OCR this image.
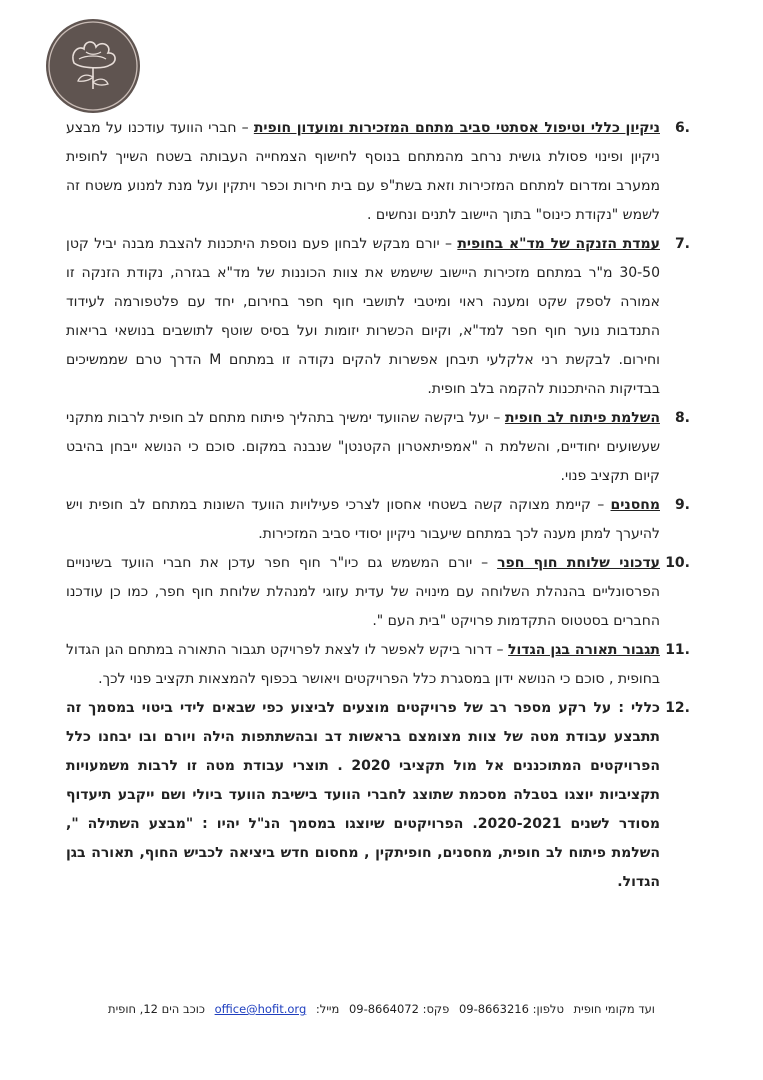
6.
ניקיון כללי וטיפול אסתטי סביב מתחם המזכירות ומועדון חופית – חברי הוועד עודכנו על מבצע ניקיון ופינוי פסולת גושית נרחב מהמתחם בנוסף לחישוף הצמחייה העבותה בשטח השייך לחופית ממערב ומדרום למתחם המזכירות וזאת בשת"פ עם בית חירות וכפר ויתקין ועל מנת למנוע משטח זה לשמש "נקודת כינוס" בתוך היישוב לתנים ונחשים .
7.
עמדת הזנקה של מד"א בחופית – יורם מבקש לבחון פעם נוספת היתכנות להצבת מבנה יביל קטן 30-50 מ"ר במתחם מזכירות היישוב שישמש את צוות הכוננות של מד"א בגזרה, נקודת הזנקה זו אמורה לספק שקט ומענה ראוי ומיטבי לתושבי חוף חפר בחירום, יחד עם פלטפורמה לעידוד התנדבות נוער חוף חפר למד"א, וקיום הכשרות יזומות ועל בסיס שוטף לתושבים בנושאי בריאות וחירום. לבקשת רני אלקלעי תיבחן אפשרות להקים נקודה זו במתחם M הדרך טרם שממשיכים בבדיקות ההיתכנות להקמה בלב חופית.
8.
השלמת פיתוח לב חופית – יעל ביקשה שהוועד ימשיך בתהליך פיתוח מתחם לב חופית לרבות מתקני שעשועים יחודיים, והשלמת ה "אמפיתאטרון הקטנטן" שנבנה במקום. סוכם כי הנושא ייבחן בהיבט קיום תקציב פנוי.
9.
מחסנים – קיימת מצוקה קשה בשטחי אחסון לצרכי פעילויות הוועד השונות במתחם לב חופית ויש להיערך למתן מענה לכך במתחם שיעבור ניקיון יסודי סביב המזכירות.
10.
עדכוני שלוחת חוף חפר – יורם המשמש גם כיו"ר חוף חפר עדכן את חברי הוועד בשינויים הפרסונליים בהנהלת השלוחה עם מינויה של עדית עזוגי למנהלת שלוחת חוף חפר, כמו כן עודכנו החברים בסטטוס התקדמות פרויקט "בית העם ".
11.
תגבור תאורה בגן הגדול – דרור ביקש לאפשר לו לצאת לפרויקט תגבור התאורה במתחם הגן הגדול בחופית , סוכם כי הנושא ידון במסגרת כלל הפרויקטים ויאושר בכפוף להמצאות תקציב פנוי לכך.
12.
כללי : על רקע מספר רב של פרויקטים מוצעים לביצוע כפי שבאים לידי ביטוי במסמך זה תתבצע עבודת מטה של צוות מצומצם בראשות דב ובהשתתפות הילה ויורם ובו יבחנו כלל הפרויקטים המתוכננים אל מול תקציבי 2020 . תוצרי עבודת מטה זו לרבות משמעויות תקציביות יוצגו בטבלה מסכמת שתוצג לחברי הוועד בישיבת הוועד ביולי ושם ייקבע תיעדוף מסודר לשנים 2020-2021. הפרויקטים שיוצגו במסמך הנ"ל יהיו : "מבצע השתילה ", השלמת פיתוח לב חופית, מחסנים, חופיתקין , מחסום חדש ביציאה לכביש החוף, תאורה בגן הגדול.
ועד מקומי חופית טלפון: 09-8663216 פקס: 09-8664072 מייל: office@hofit.org כוכב הים 12, חופית
